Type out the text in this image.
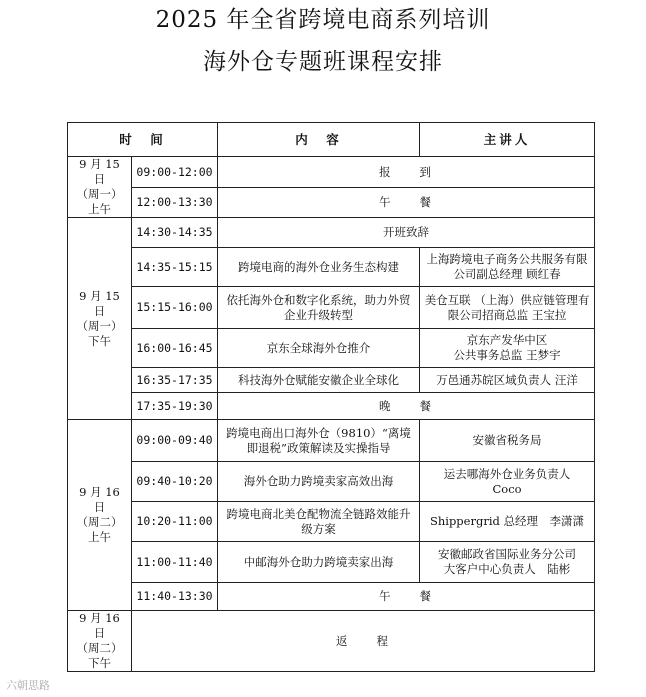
2025 年全省跨境电商系列培训
海外仓专题班课程安排
时　间		内　容	主讲人
9 月 15 日
（周一）
上午	09:00-12:00	报　　到	
	12:00-13:30	午　　餐	
9 月 15 日
（周一）
下午	14:30-14:35	开班致辞	
	14:35-15:15	跨境电商的海外仓业务生态构建	上海跨境电子商务公共服务有限公司副总经理 顾红春
	15:15-16:00	依托海外仓和数字化系统，助力外贸企业升级转型	美仓互联 （上海）供应链管理有限公司招商总监 王宝拉
	16:00-16:45	京东全球海外仓推介	京东产发华中区
公共事务总监 王梦宇
	16:35-17:35	科技海外仓赋能安徽企业全球化	万邑通苏皖区域负责人 汪洋
	17:35-19:30	晚　　餐	
9 月 16 日
（周二）
上午	09:00-09:40	跨境电商出口海外仓（9810）“离境即退税”政策解读及实操指导	安徽省税务局
	09:40-10:20	海外仓助力跨境卖家高效出海	运去哪海外仓业务负责人
Coco
	10:20-11:00	跨境电商北美仓配物流全链路效能升级方案	Shippergrid 总经理　李潇潇
	11:00-11:40	中邮海外仓助力跨境卖家出海	安徽邮政省国际业务分公司
大客户中心负责人　陆彬
	11:40-13:30	午　　餐	
9 月 16 日
（周二）
下午	返　　程		
六朝思路
